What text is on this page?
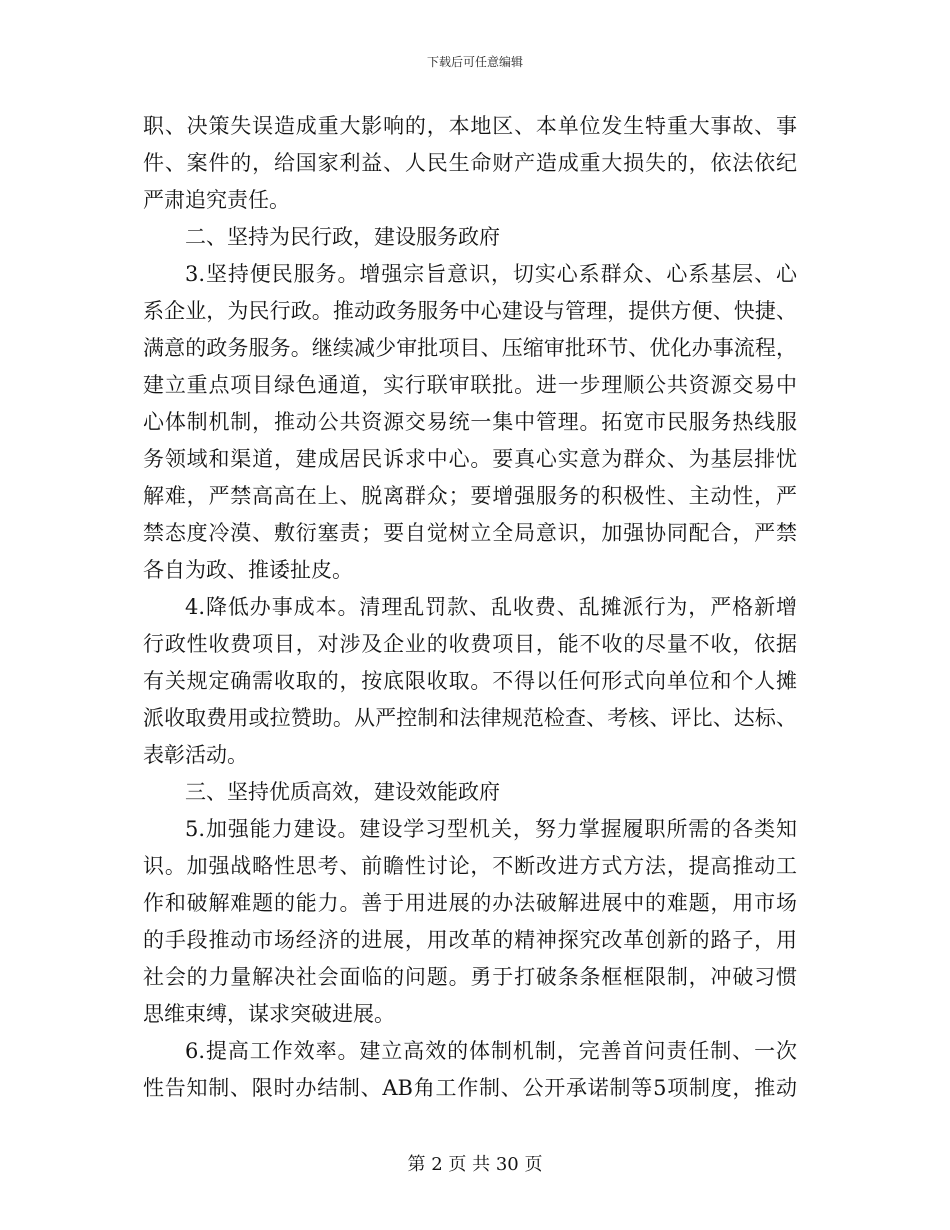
下载后可任意编辑
职、决策失误造成重大影响的，本地区、本单位发生特重大事故、事
件、案件的，给国家利益、人民生命财产造成重大损失的，依法依纪
严肃追究责任。
二、坚持为民行政，建设服务政府
3.坚持便民服务。增强宗旨意识，切实心系群众、心系基层、心
系企业，为民行政。推动政务服务中心建设与管理，提供方便、快捷、
满意的政务服务。继续减少审批项目、压缩审批环节、优化办事流程，
建立重点项目绿色通道，实行联审联批。进一步理顺公共资源交易中
心体制机制，推动公共资源交易统一集中管理。拓宽市民服务热线服
务领域和渠道，建成居民诉求中心。要真心实意为群众、为基层排忧
解难，严禁高高在上、脱离群众；要增强服务的积极性、主动性，严
禁态度冷漠、敷衍塞责；要自觉树立全局意识，加强协同配合，严禁
各自为政、推诿扯皮。
4.降低办事成本。清理乱罚款、乱收费、乱摊派行为，严格新增
行政性收费项目，对涉及企业的收费项目，能不收的尽量不收，依据
有关规定确需收取的，按底限收取。不得以任何形式向单位和个人摊
派收取费用或拉赞助。从严控制和法律规范检查、考核、评比、达标、
表彰活动。
三、坚持优质高效，建设效能政府
5.加强能力建设。建设学习型机关，努力掌握履职所需的各类知
识。加强战略性思考、前瞻性讨论，不断改进方式方法，提高推动工
作和破解难题的能力。善于用进展的办法破解进展中的难题，用市场
的手段推动市场经济的进展，用改革的精神探究改革创新的路子，用
社会的力量解决社会面临的问题。勇于打破条条框框限制，冲破习惯
思维束缚，谋求突破进展。
6.提高工作效率。建立高效的体制机制，完善首问责任制、一次
性告知制、限时办结制、AB角工作制、公开承诺制等5项制度，推动
第 2 页 共 30 页
